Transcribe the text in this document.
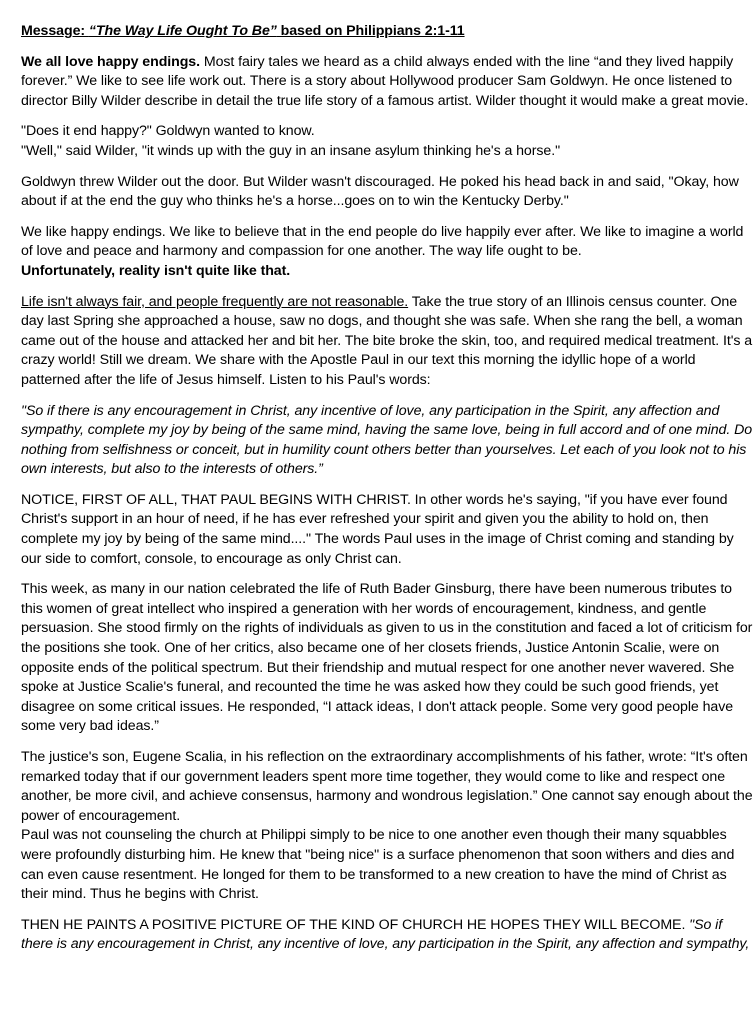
Message: “The Way Life Ought To Be” based on Philippians 2:1-11

We all love happy endings. Most fairy tales we heard as a child always ended with the line “and they lived happily forever.” We like to see life work out. There is a story about Hollywood producer Sam Goldwyn. He once listened to director Billy Wilder describe in detail the true life story of a famous artist. Wilder thought it would make a great movie.

"Does it end happy?" Goldwyn wanted to know.
"Well," said Wilder, "it winds up with the guy in an insane asylum thinking he's a horse."

Goldwyn threw Wilder out the door. But Wilder wasn't discouraged. He poked his head back in and said, "Okay, how about if at the end the guy who thinks he's a horse...goes on to win the Kentucky Derby."

We like happy endings. We like to believe that in the end people do live happily ever after. We like to imagine a world of love and peace and harmony and compassion for one another. The way life ought to be.
Unfortunately, reality isn't quite like that.

Life isn't always fair, and people frequently are not reasonable. Take the true story of an Illinois census counter. One day last Spring she approached a house, saw no dogs, and thought she was safe. When she rang the bell, a woman came out of the house and attacked her and bit her. The bite broke the skin, too, and required medical treatment. It's a crazy world! Still we dream. We share with the Apostle Paul in our text this morning the idyllic hope of a world patterned after the life of Jesus himself. Listen to his Paul's words:

"So if there is any encouragement in Christ, any incentive of love, any participation in the Spirit, any affection and sympathy, complete my joy by being of the same mind, having the same love, being in full accord and of one mind. Do nothing from selfishness or conceit, but in humility count others better than yourselves. Let each of you look not to his own interests, but also to the interests of others.”

NOTICE, FIRST OF ALL, THAT PAUL BEGINS WITH CHRIST. In other words he's saying, "if you have ever found Christ's support in an hour of need, if he has ever refreshed your spirit and given you the ability to hold on, then complete my joy by being of the same mind...." The words Paul uses in the image of Christ coming and standing by our side to comfort, console, to encourage as only Christ can.

This week, as many in our nation celebrated the life of Ruth Bader Ginsburg, there have been numerous tributes to this women of great intellect who inspired a generation with her words of encouragement, kindness, and gentle persuasion. She stood firmly on the rights of individuals as given to us in the constitution and faced a lot of criticism for the positions she took. One of her critics, also became one of her closets friends, Justice Antonin Scalie, were on opposite ends of the political spectrum. But their friendship and mutual respect for one another never wavered. She spoke at Justice Scalie's funeral, and recounted the time he was asked how they could be such good friends, yet disagree on some critical issues. He responded, “I attack ideas, I don't attack people. Some very good people have some very bad ideas.”

The justice's son, Eugene Scalia, in his reflection on the extraordinary accomplishments of his father, wrote: “It's often remarked today that if our government leaders spent more time together, they would come to like and respect one another, be more civil, and achieve consensus, harmony and wondrous legislation.” One cannot say enough about the power of encouragement.

Paul was not counseling the church at Philippi simply to be nice to one another even though their many squabbles were profoundly disturbing him. He knew that "being nice" is a surface phenomenon that soon withers and dies and can even cause resentment. He longed for them to be transformed to a new creation to have the mind of Christ as their mind. Thus he begins with Christ.

THEN HE PAINTS A POSITIVE PICTURE OF THE KIND OF CHURCH HE HOPES THEY WILL BECOME. "So if there is any encouragement in Christ, any incentive of love, any participation in the Spirit, any affection and sympathy,
